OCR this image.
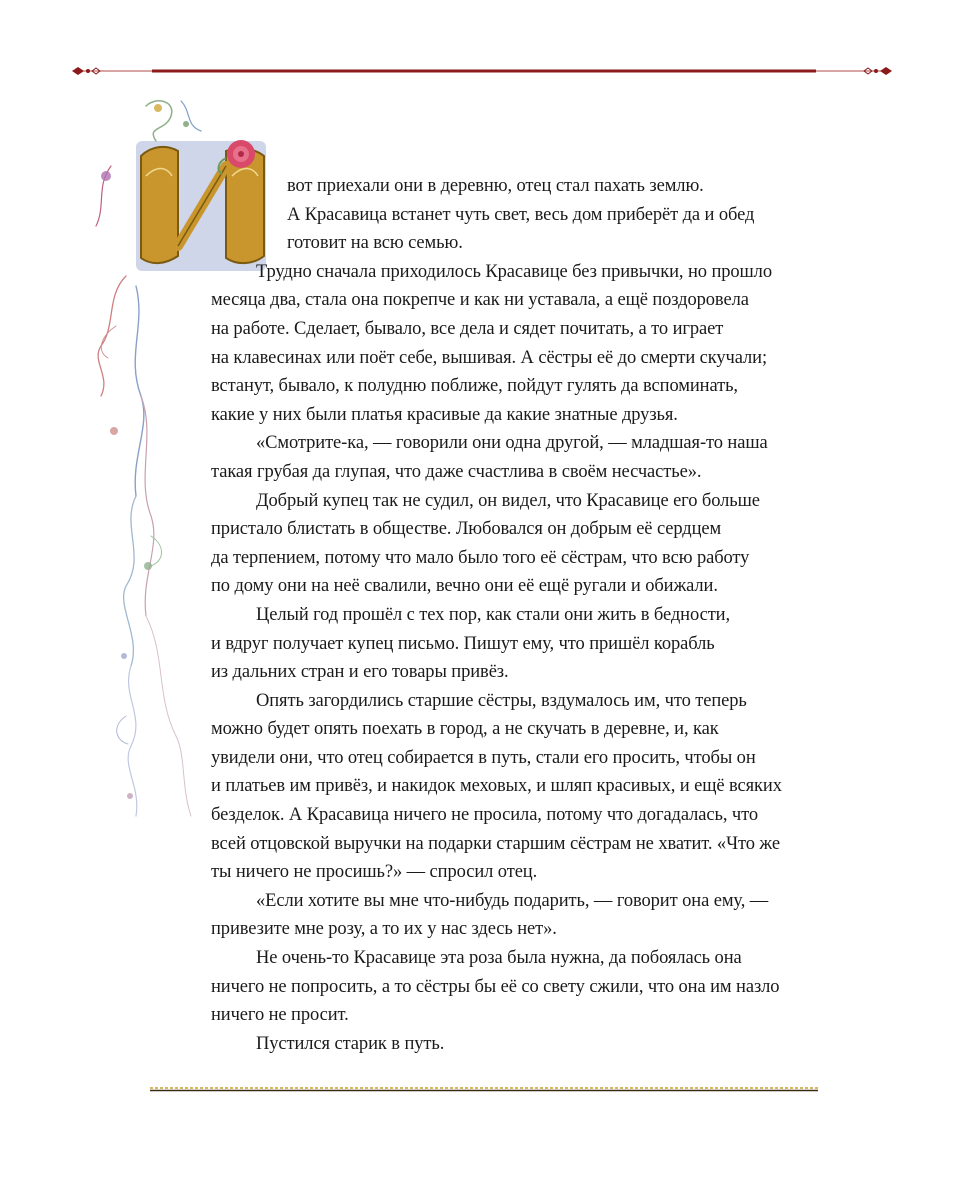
И	вот приехали они в деревню, отец стал пахать землю.
А Красавица встанет чуть свет, весь дом приберёт да и обед
готовит на всю семью.

Трудно сначала приходилось Красавице без привычки, но прошло
месяца два, стала она покрепче и как ни уставала, а ещё поздоровела
на работе. Сделает, бывало, все дела и сядет почитать, а то играет
на клавесинах или поёт себе, вышивая. А сёстры её до смерти скучали;
встанут, бывало, к полудню поближе, пойдут гулять да вспоминать,
какие у них были платья красивые да какие знатные друзья.

«Смотрите-ка, — говорили они одна другой, — младшая-то наша
такая грубая да глупая, что даже счастлива в своём несчастье».

Добрый купец так не судил, он видел, что Красавице его больше
пристало блистать в обществе. Любовался он добрым её сердцем
да терпением, потому что мало было того её сёстрам, что всю работу
по дому они на неё свалили, вечно они её ещё ругали и обижали.

Целый год прошёл с тех пор, как стали они жить в бедности,
и вдруг получает купец письмо. Пишут ему, что пришёл корабль
из дальних стран и его товары привёз.

Опять загордились старшие сёстры, вздумалось им, что теперь
можно будет опять поехать в город, а не скучать в деревне, и, как
увидели они, что отец собирается в путь, стали его просить, чтобы он
и платьев им привёз, и накидок меховых, и шляп красивых, и ещё всяких
безделок. А Красавица ничего не просила, потому что догадалась, что
всей отцовской выручки на подарки старшим сёстрам не хватит. «Что же
ты ничего не просишь?» — спросил отец.

«Если хотите вы мне что-нибудь подарить, — говорит она ему, —
привезите мне розу, а то их у нас здесь нет».

Не очень-то Красавице эта роза была нужна, да побоялась она
ничего не попросить, а то сёстры бы её со свету сжили, что она им назло
ничего не просит.

Пустился старик в путь.
